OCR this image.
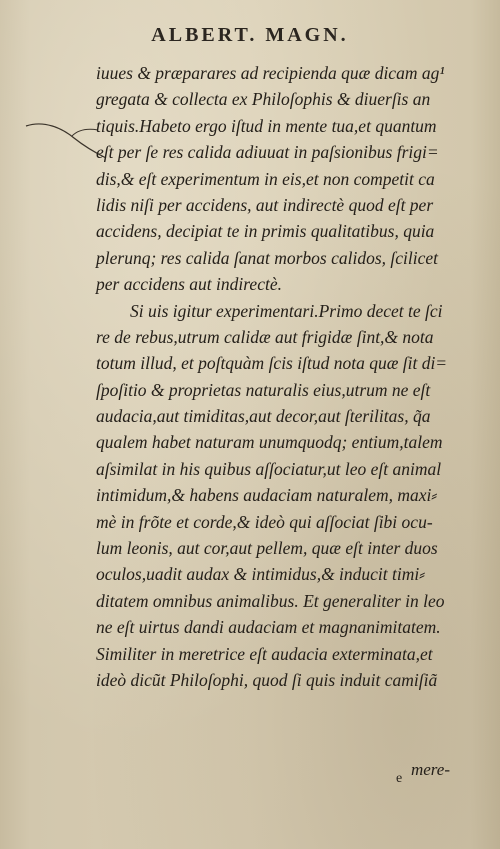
ALBERT. MAGN.
iuues & prӕparares ad recipienda quӕ dicam ag¹
gregata & collecta ex Philoſophis & diuerſis an
tiquis.Habeto ergo iſtud in mente tua,et quantum
eſt per ſe res calida adiuuat in paſsionibus frigi=
dis,& eſt experimentum in eis,et non competit ca
lidis niſi per accidens, aut indirectè quod eſt per
accidens, decipiat te in primis qualitatibus, quia
plerunq; res calida ſanat morbos calidos, ſcilicet
per accidens aut indirectè.
Si uis igitur experimentari.Primo decet te ſci
re de rebus,utrum calidӕ aut frigidӕ ſint,& nota
totum illud, et poſtquàm ſcis iſtud nota quӕ ſit di=
ſpoſitio & proprietas naturalis eius,utrum ne eſt
audacia,aut timiditas,aut decor,aut ſterilitas, q̃a
qualem habet naturam unumquodq; entium,talem
aſsimilat in his quibus aſſociatur,ut leo eſt animal
intimidum,& habens audaciam naturalem, maxi⸗
mè in frõte et corde,& ideò qui aſſociat ſibi ocu-
lum leonis, aut cor,aut pellem, quӕ eſt inter duos
oculos,uadit audax & intimidus,& inducit timi⸗
ditatem omnibus animalibus. Et generaliter in leo
ne eſt uirtus dandi audaciam et magnanimitatem.
Similiter in meretrice eſt audacia exterminata,et
ideò dicũt Philoſophi, quod ſi quis induit camiſiã
e mere-
